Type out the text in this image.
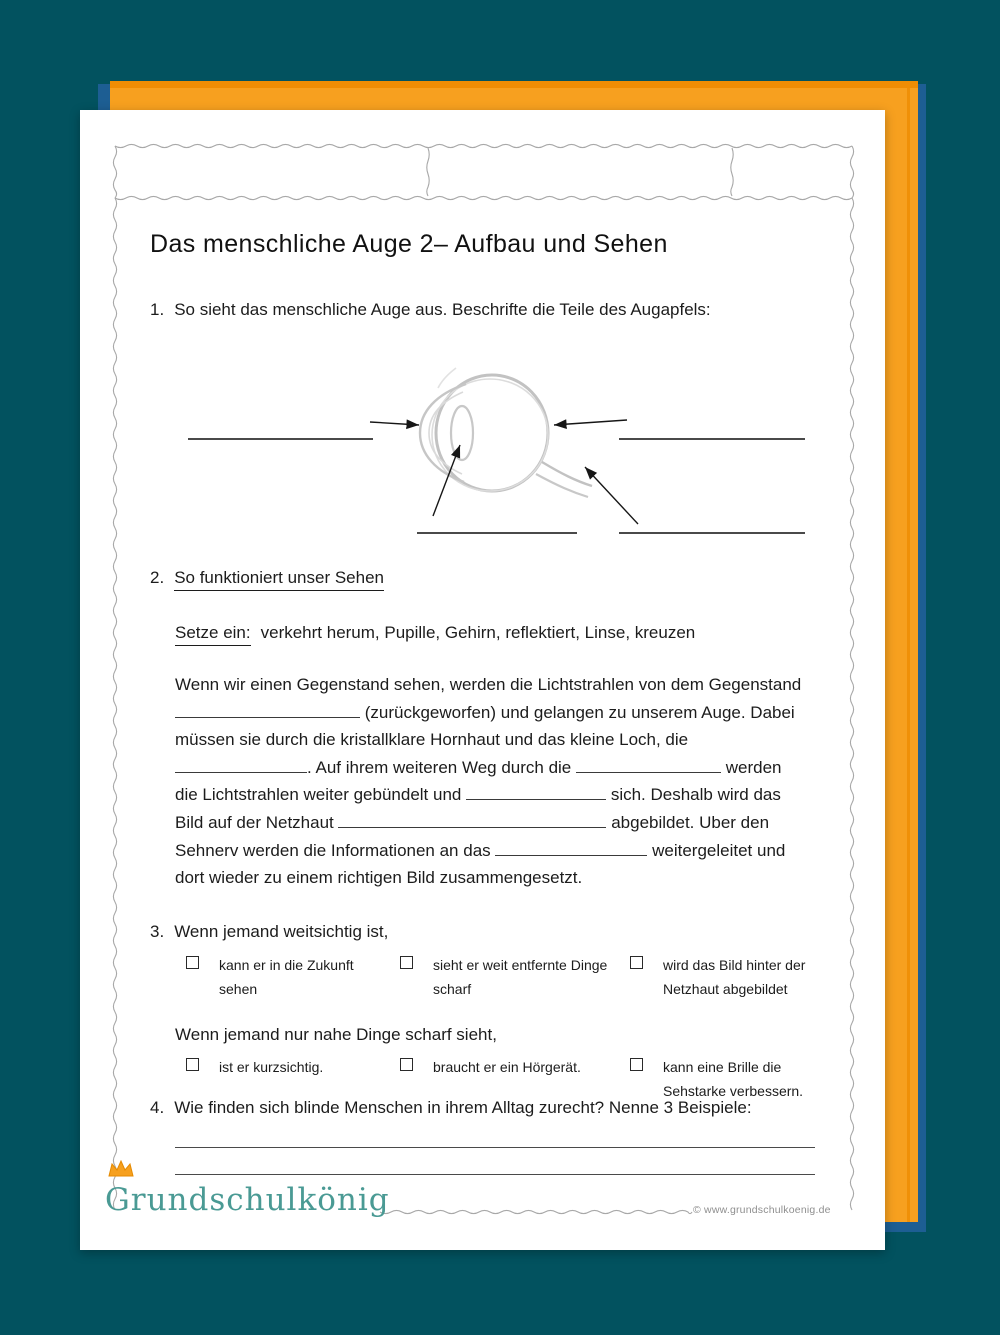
Das menschliche Auge 2– Aufbau und Sehen
1. So sieht das menschliche Auge aus. Beschrifte die Teile des Augapfels:
2. So funktioniert unser Sehen
Setze ein: verkehrt herum, Pupille, Gehirn, reflektiert, Linse, kreuzen
Wenn wir einen Gegenstand sehen, werden die Lichtstrahlen von dem Gegenstand
(zurückgeworfen) und gelangen zu unserem Auge. Dabei
müssen sie durch die kristallklare Hornhaut und das kleine Loch, die
. Auf ihrem weiteren Weg durch die	werden
die Lichtstrahlen weiter gebündelt und	sich. Deshalb wird das
Bild auf der Netzhaut	abgebildet. Uber den
Sehnerv werden die Informationen an das	weitergeleitet und
dort wieder zu einem richtigen Bild zusammengesetzt.
3. Wenn jemand weitsichtig ist,
kann er in die Zukunft sehen
sieht er weit entfernte Dinge scharf
wird das Bild hinter der Netzhaut abgebildet
Wenn jemand nur nahe Dinge scharf sieht,
ist er kurzsichtig.	braucht er ein Hörgerät.	kann eine Brille die Sehstarke verbessern.
4. Wie finden sich blinde Menschen in ihrem Alltag zurecht? Nenne 3 Beispiele:
Grundschulkönig	© www.grundschulkoenig.de
